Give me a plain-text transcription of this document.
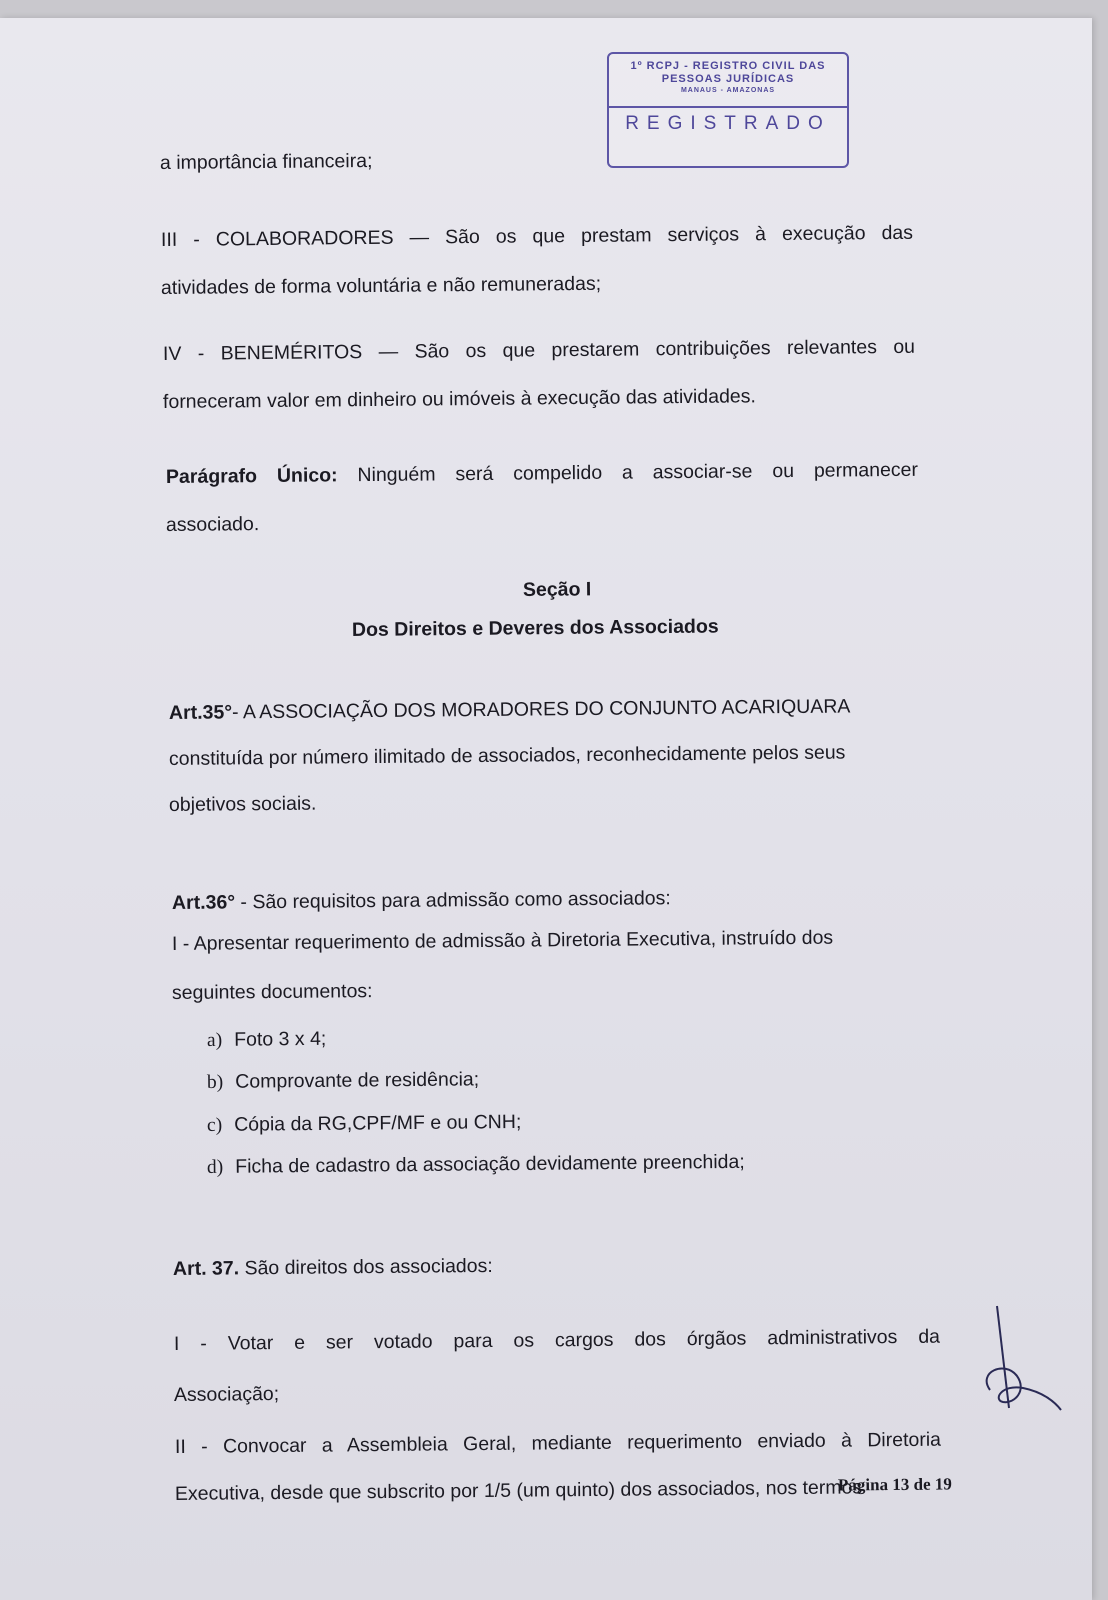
1º RCPJ - REGISTRO CIVIL DAS
PESSOAS JURÍDICAS
MANAUS - AMAZONAS
REGISTRADO
a importância financeira;
III - COLABORADORES — São os que prestam serviços à execução das
atividades de forma voluntária e não remuneradas;
IV - BENEMÉRITOS — São os que prestarem contribuições relevantes ou
forneceram valor em dinheiro ou imóveis à execução das atividades.
Parágrafo Único: Ninguém será compelido a associar-se ou permanecer
associado.
Seção I
Dos Direitos e Deveres dos Associados
Art.35°- A ASSOCIAÇÃO DOS MORADORES DO CONJUNTO ACARIQUARA
constituída por número ilimitado de associados, reconhecidamente pelos seus
objetivos sociais.
Art.36° - São requisitos para admissão como associados:
I - Apresentar requerimento de admissão à Diretoria Executiva, instruído dos
seguintes documentos:
a) Foto 3 x 4;
b) Comprovante de residência;
c) Cópia da RG,CPF/MF e ou CNH;
d) Ficha de cadastro da associação devidamente preenchida;
Art. 37. São direitos dos associados:
I - Votar e ser votado para os cargos dos órgãos administrativos da
Associação;
II - Convocar a Assembleia Geral, mediante requerimento enviado à Diretoria
Executiva, desde que subscrito por 1/5 (um quinto) dos associados, nos termos
Página 13 de 19
